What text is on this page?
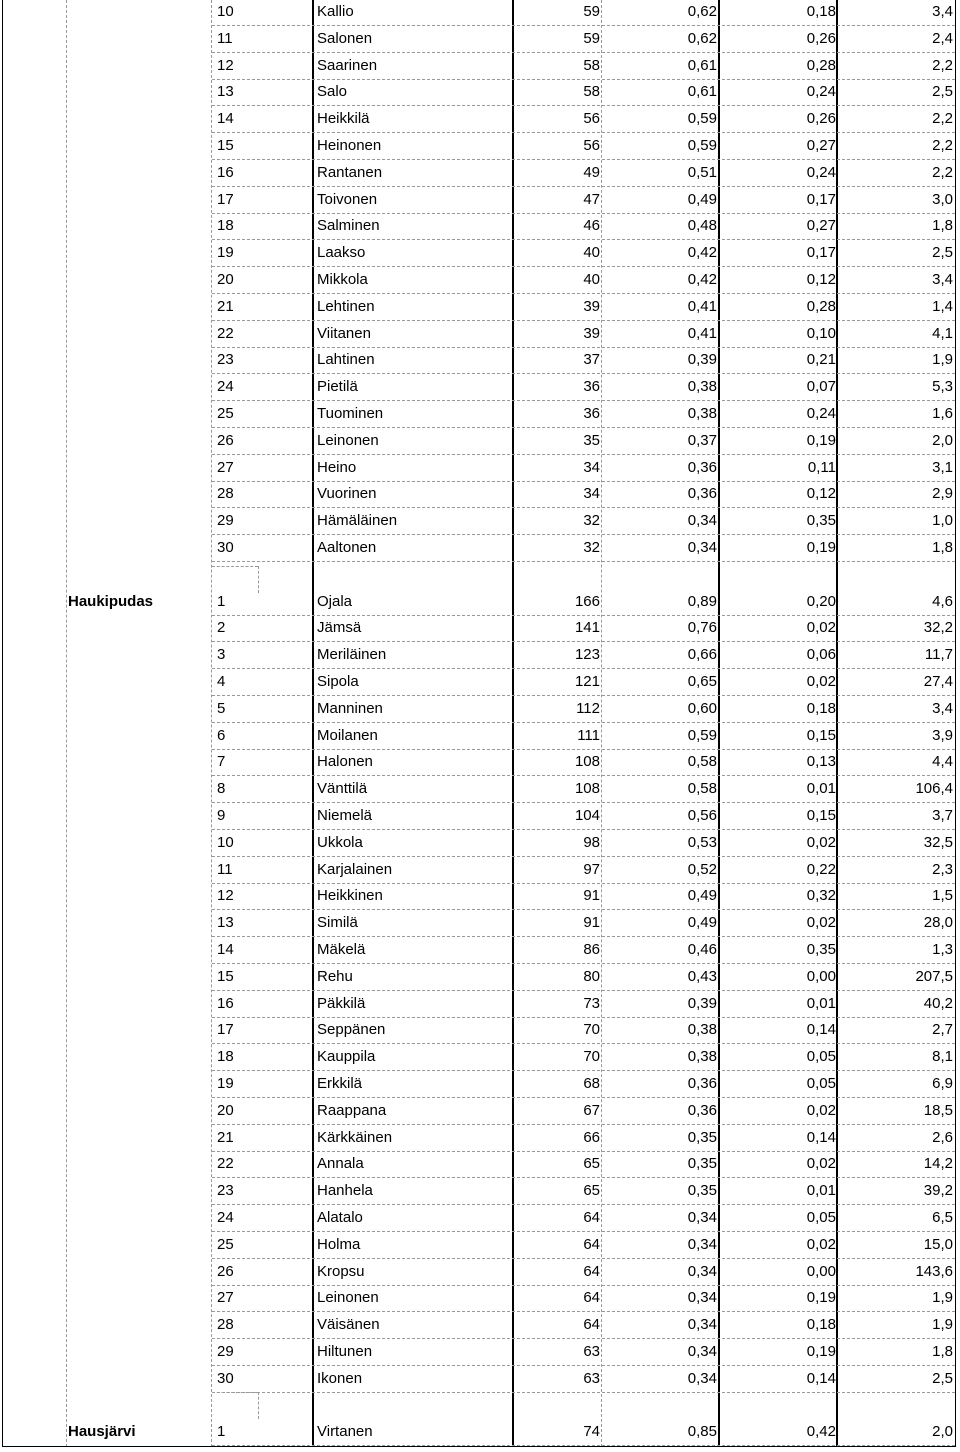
10	Kallio	59	0,62	0,18	3,4
11	Salonen	59	0,62	0,26	2,4
12	Saarinen	58	0,61	0,28	2,2
13	Salo	58	0,61	0,24	2,5
14	Heikkilä	56	0,59	0,26	2,2
15	Heinonen	56	0,59	0,27	2,2
16	Rantanen	49	0,51	0,24	2,2
17	Toivonen	47	0,49	0,17	3,0
18	Salminen	46	0,48	0,27	1,8
19	Laakso	40	0,42	0,17	2,5
20	Mikkola	40	0,42	0,12	3,4
21	Lehtinen	39	0,41	0,28	1,4
22	Viitanen	39	0,41	0,10	4,1
23	Lahtinen	37	0,39	0,21	1,9
24	Pietilä	36	0,38	0,07	5,3
25	Tuominen	36	0,38	0,24	1,6
26	Leinonen	35	0,37	0,19	2,0
27	Heino	34	0,36	0,11	3,1
28	Vuorinen	34	0,36	0,12	2,9
29	Hämäläinen	32	0,34	0,35	1,0
30	Aaltonen	32	0,34	0,19	1,8
Haukipudas	1	Ojala	166	0,89	0,20	4,6
2	Jämsä	141	0,76	0,02	32,2
3	Meriläinen	123	0,66	0,06	11,7
4	Sipola	121	0,65	0,02	27,4
5	Manninen	112	0,60	0,18	3,4
6	Moilanen	111	0,59	0,15	3,9
7	Halonen	108	0,58	0,13	4,4
8	Vänttilä	108	0,58	0,01	106,4
9	Niemelä	104	0,56	0,15	3,7
10	Ukkola	98	0,53	0,02	32,5
11	Karjalainen	97	0,52	0,22	2,3
12	Heikkinen	91	0,49	0,32	1,5
13	Similä	91	0,49	0,02	28,0
14	Mäkelä	86	0,46	0,35	1,3
15	Rehu	80	0,43	0,00	207,5
16	Päkkilä	73	0,39	0,01	40,2
17	Seppänen	70	0,38	0,14	2,7
18	Kauppila	70	0,38	0,05	8,1
19	Erkkilä	68	0,36	0,05	6,9
20	Raappana	67	0,36	0,02	18,5
21	Kärkkäinen	66	0,35	0,14	2,6
22	Annala	65	0,35	0,02	14,2
23	Hanhela	65	0,35	0,01	39,2
24	Alatalo	64	0,34	0,05	6,5
25	Holma	64	0,34	0,02	15,0
26	Kropsu	64	0,34	0,00	143,6
27	Leinonen	64	0,34	0,19	1,9
28	Väisänen	64	0,34	0,18	1,9
29	Hiltunen	63	0,34	0,19	1,8
30	Ikonen	63	0,34	0,14	2,5
Hausjärvi	1	Virtanen	74	0,85	0,42	2,0
